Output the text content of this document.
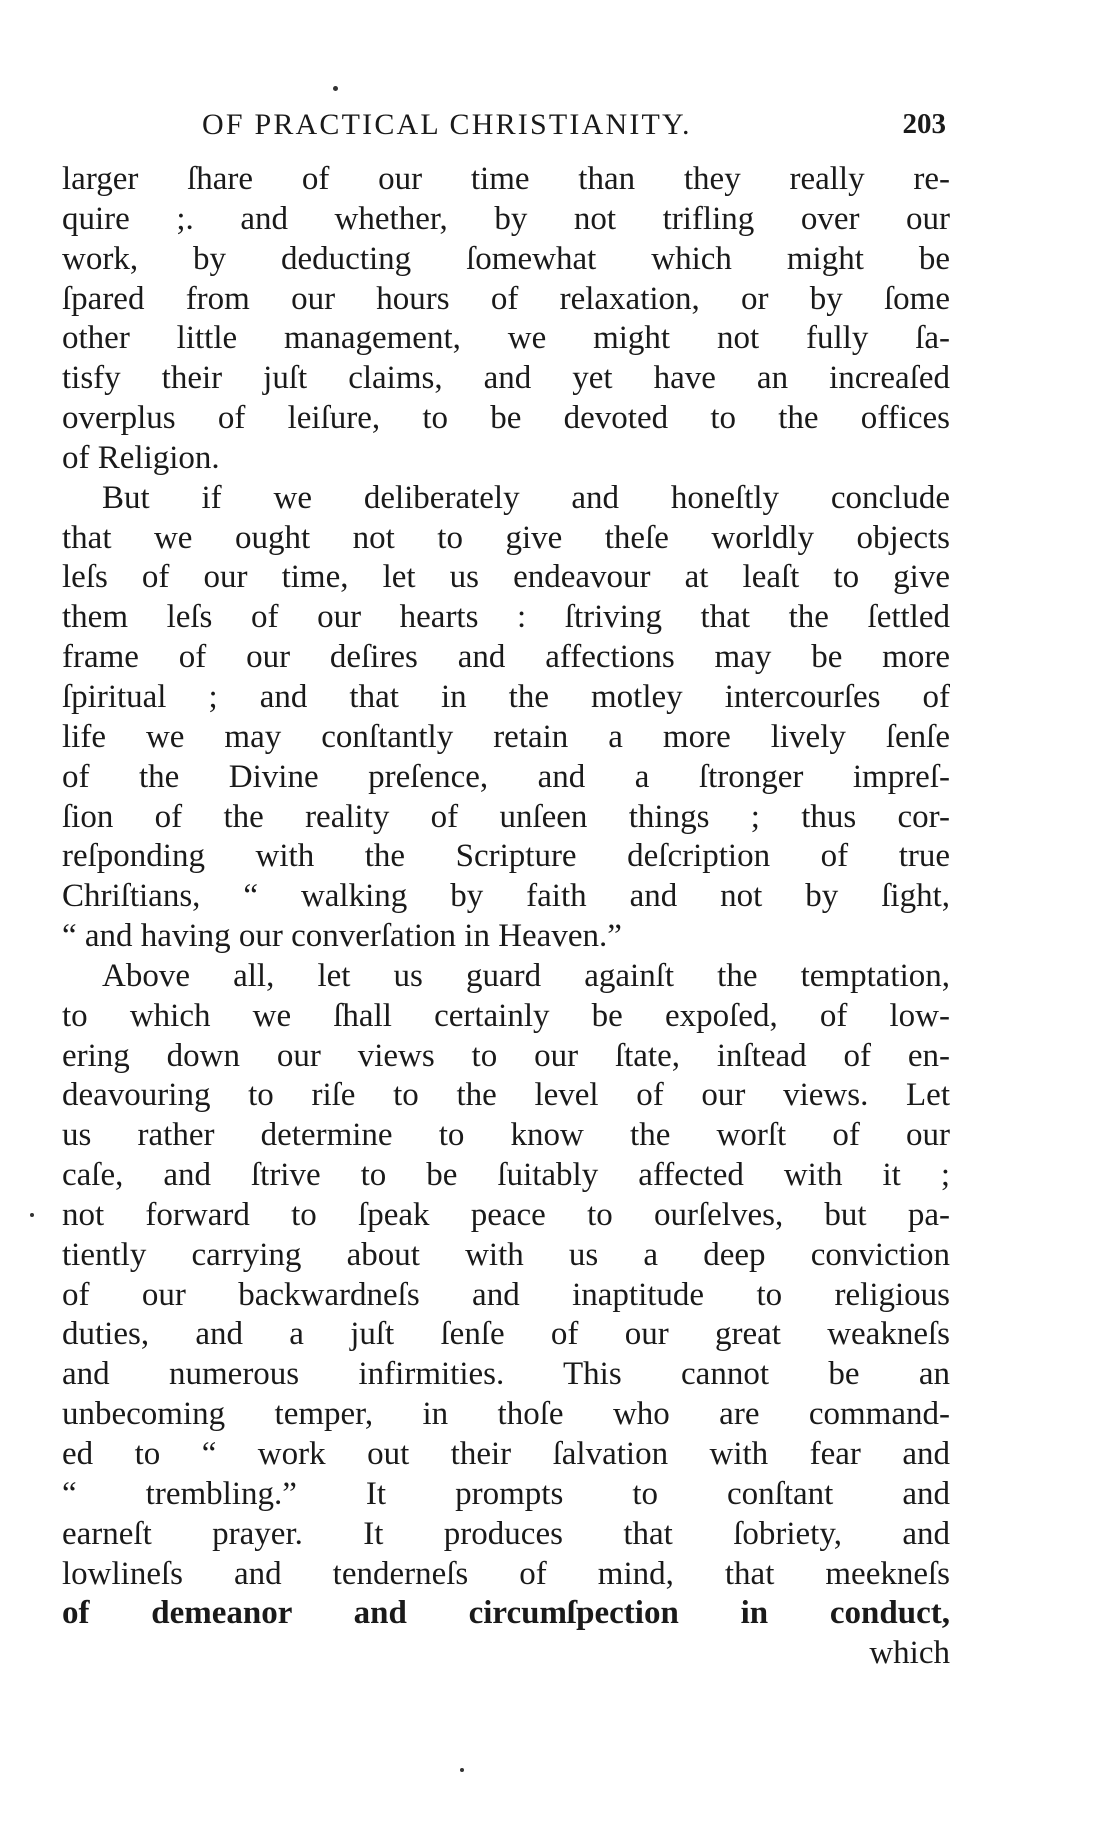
OF PRACTICAL CHRISTIANITY.	203
larger ſhare of our time than they really re-
quire ;. and whether, by not trifling over our
work, by deducting ſomewhat which might be
ſpared from our hours of relaxation, or by ſome
other little management, we might not fully ſa-
tisfy their juſt claims, and yet have an increaſed
overplus of leiſure, to be devoted to the offices
of Religion.
But if we deliberately and honeſtly conclude
that we ought not to give theſe worldly objects
leſs of our time, let us endeavour at leaſt to give
them leſs of our hearts : ſtriving that the ſettled
frame of our deſires and affections may be more
ſpiritual ; and that in the motley intercourſes of
life we may conſtantly retain a more lively ſenſe
of the Divine preſence, and a ſtronger impreſ-
ſion of the reality of unſeen things ; thus cor-
reſponding with the Scripture deſcription of true
Chriſtians, “ walking by faith and not by ſight,
“ and having our converſation in Heaven.”
Above all, let us guard againſt the temptation,
to which we ſhall certainly be expoſed, of low-
ering down our views to our ſtate, inſtead of en-
deavouring to riſe to the level of our views. Let
us rather determine to know the worſt of our
caſe, and ſtrive to be ſuitably affected with it ;
not forward to ſpeak peace to ourſelves, but pa-
tiently carrying about with us a deep conviction
of our backwardneſs and inaptitude to religious
duties, and a juſt ſenſe of our great weakneſs
and numerous infirmities. This cannot be an
unbecoming temper, in thoſe who are command-
ed to “ work out their ſalvation with fear and
“ trembling.” It prompts to conſtant and
earneſt prayer. It produces that ſobriety, and
lowlineſs and tenderneſs of mind, that meekneſs
of demeanor and circumſpection in conduct,
which
